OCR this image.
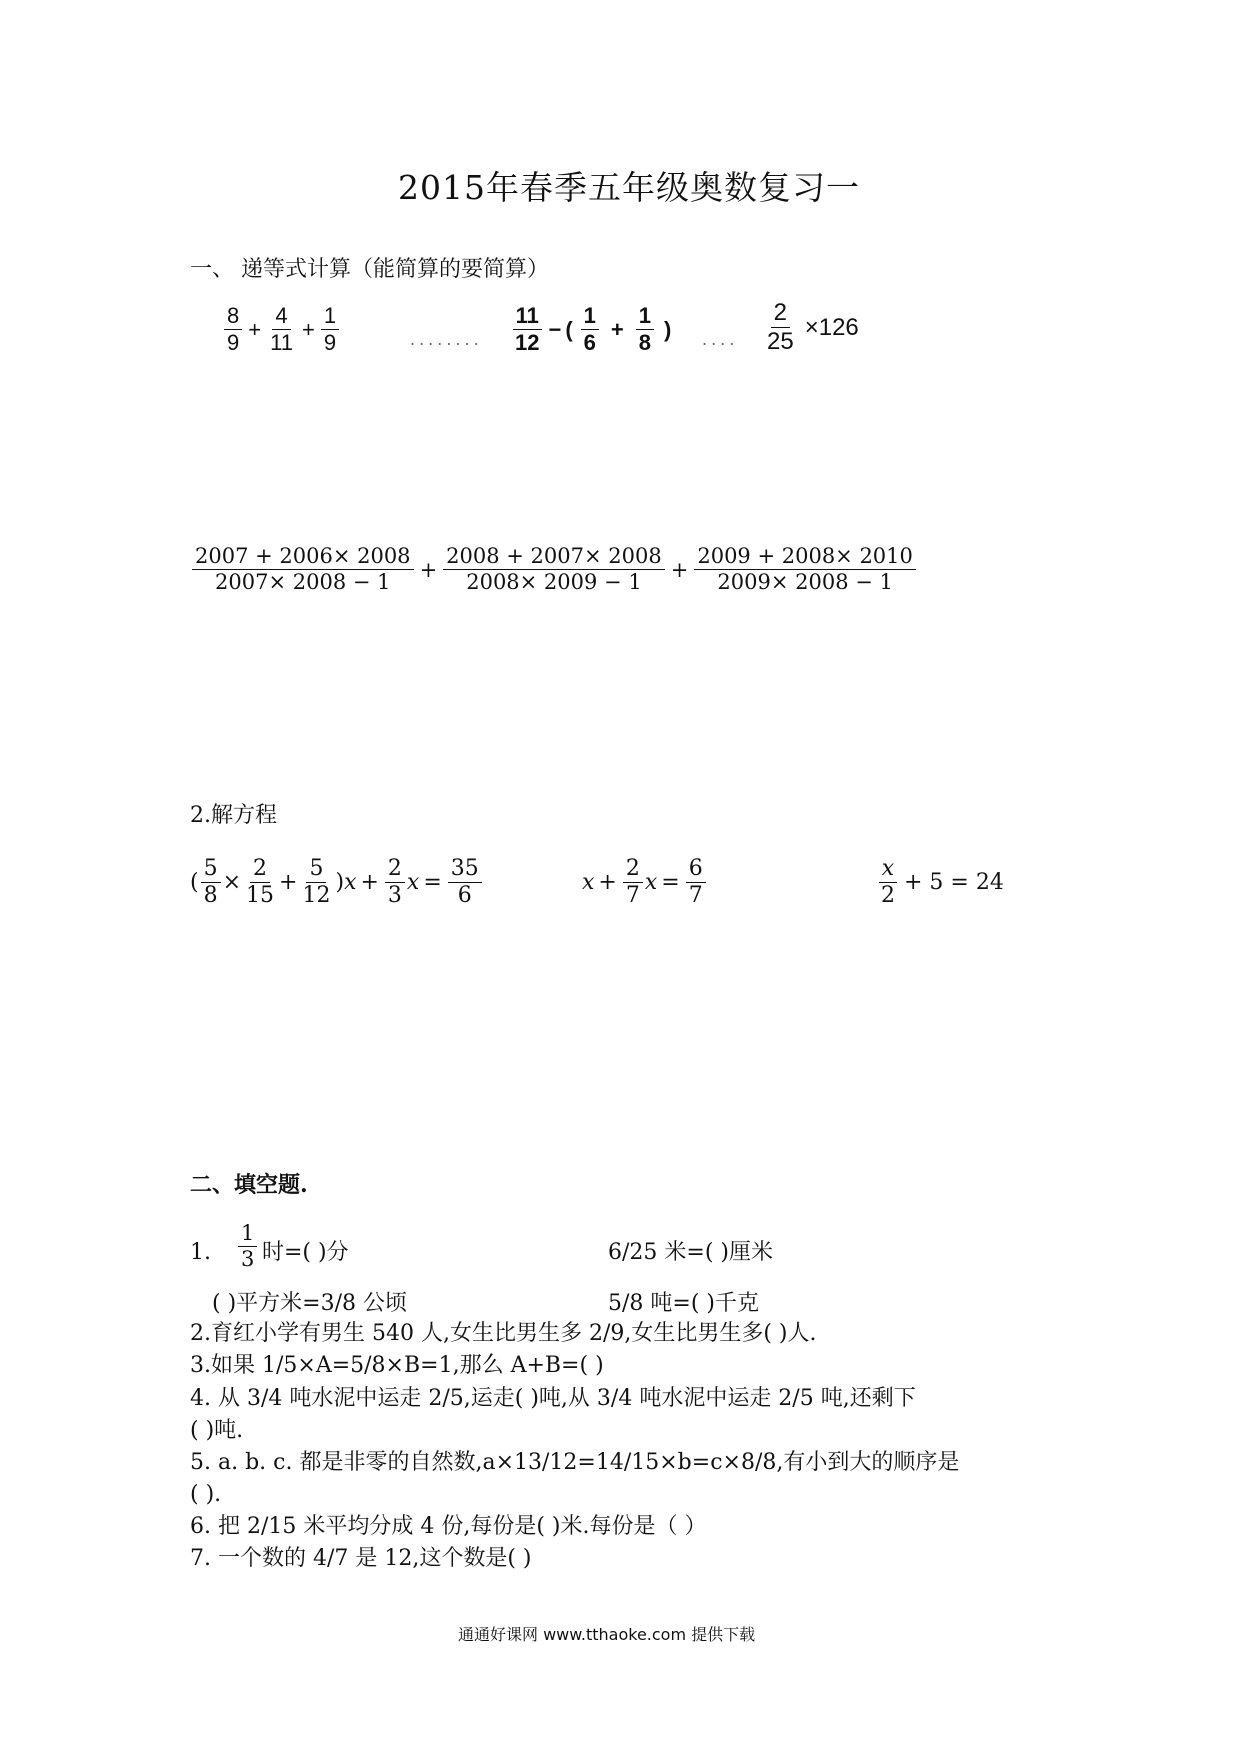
2015年春季五年级奥数复习一
一、 递等式计算（能简算的要简算）
$\frac{8}{9} + \frac{4}{11} + \frac{1}{9}$	........ $\frac{11}{12}$ − ( $\frac{1}{6} + \frac{1}{8}$ ) .... $\frac{2}{25} \times 126$
$\frac{2007 + 2006\times 2008}{2007\times 2008 - 1} + \frac{2008 + 2007\times 2008}{2008\times 2009 - 1} + \frac{2009 + 2008\times 2010}{2009\times 2008 - 1}$
2.解方程
( $\frac{5}{8} \times \frac{2}{15} + \frac{5}{12}$ ) $x + \frac{2}{3}$ $x = \frac{35}{6}$	$x + \frac{2}{7}$ $x = \frac{6}{7}$	$\frac{x}{2} + 5 = 24$
二、填空题.
1. $\frac{1}{3}$ 时=( )分	6/25 米=( )厘米
( )平方米=3/8 公顷	5/8 吨=( )千克
2.育红小学有男生 540 人,女生比男生多 2/9,女生比男生多( )人.
3.如果 1/5×A=5/8×B=1,那么 A+B=( )
4. 从 3/4 吨水泥中运走 2/5,运走( )吨,从 3/4 吨水泥中运走 2/5 吨,还剩下
( )吨.
5. a. b. c. 都是非零的自然数,a×13/12=14/15×b=c×8/8,有小到大的顺序是
( ).
6. 把 2/15 米平均分成 4 份,每份是( )米.每份是（ ）
7. 一个数的 4/7 是 12,这个数是( )
通通好课网 www.tthaoke.com 提供下载
